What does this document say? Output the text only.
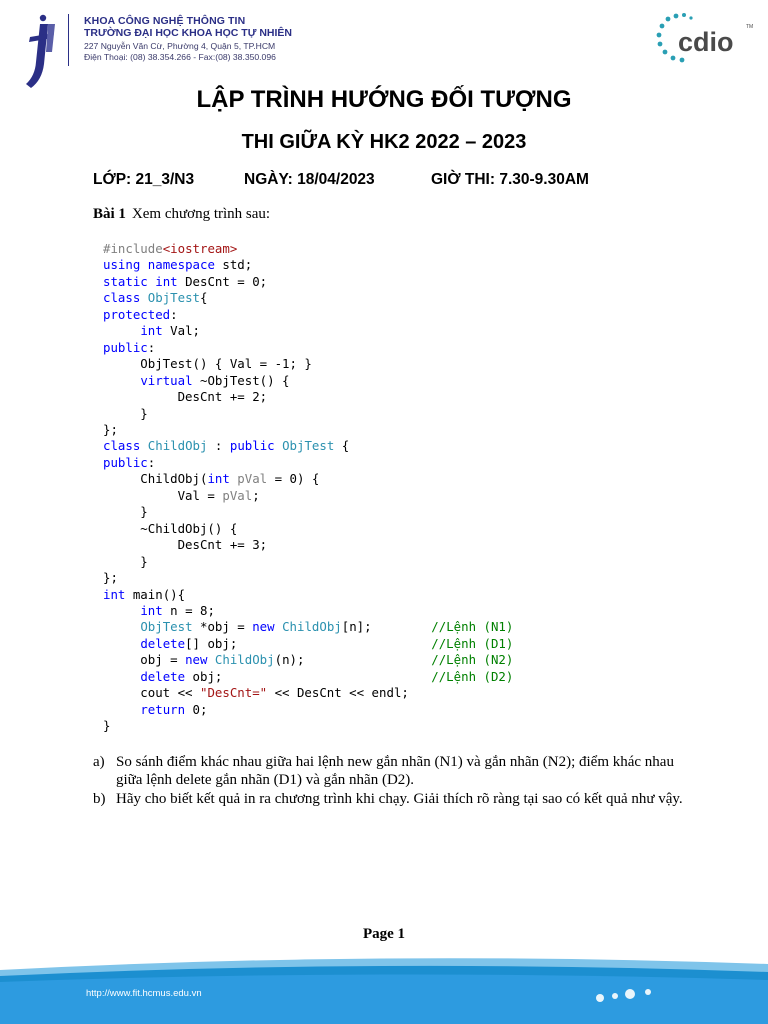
KHOA CÔNG NGHỆ THÔNG TIN
TRƯỜNG ĐẠI HỌC KHOA HỌC TỰ NHIÊN
227 Nguyễn Văn Cừ, Phường 4, Quận 5, TP.HCM
Điện Thoại: (08) 38.354.266 - Fax:(08) 38.350.096	cdio TM
LẬP TRÌNH HƯỚNG ĐỐI TƯỢNG
THI GIỮA KỲ HK2 2022 – 2023
LỚP: 21_3/N3	NGÀY: 18/04/2023	GIỜ THI: 7.30-9.30AM
Bài 1 Xem chương trình sau:
#include<iostream>
using namespace std;
static int DesCnt = 0;
class ObjTest{
protected:
int Val;
public:
ObjTest() { Val = -1; }
virtual ~ObjTest() {
DesCnt += 2;
}
};
class ChildObj : public ObjTest {
public:
ChildObj(int pVal = 0) {
Val = pVal;
}
~ChildObj() {
DesCnt += 3;
}
};
int main(){
int n = 8;
ObjTest *obj = new ChildObj[n];        //Lệnh (N1)
delete[] obj;                          //Lệnh (D1)
obj = new ChildObj(n);                 //Lệnh (N2)
delete obj;                            //Lệnh (D2)
cout << "DesCnt=" << DesCnt << endl;
return 0;
}
a) So sánh điểm khác nhau giữa hai lệnh new gắn nhãn (N1) và gắn nhãn (N2); điểm khác nhau giữa lệnh delete gắn nhãn (D1) và gắn nhãn (D2).
b) Hãy cho biết kết quả in ra chương trình khi chạy. Giải thích rõ ràng tại sao có kết quả như vậy.
Page 1
http://www.fit.hcmus.edu.vn
